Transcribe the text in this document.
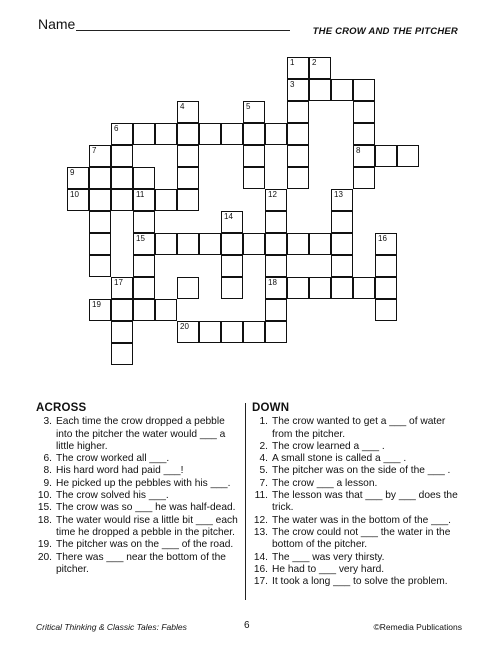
Name	THE CROW AND THE PITCHER
1 2
3
4	5
6
7	8
9
10	11	12	13
14
15	16
17	18
19
20
ACROSS
3. Each time the crow dropped a pebble into the pitcher the water would ___ a little higher.
6. The crow worked all ___.
8. His hard word had paid ___!
9. He picked up the pebbles with his ___.
10. The crow solved his ___.
15. The crow was so ___ he was half-dead.
18. The water would rise a little bit ___ each time he dropped a pebble in the pitcher.
19. The pitcher was on the ___ of the road.
20. There was ___ near the bottom of the pitcher.
DOWN
1. The crow wanted to get a ___ of water from the pitcher.
2. The crow learned a ___ .
4. A small stone is called a ___ .
5. The pitcher was on the side of the ___ .
7. The crow ___ a lesson.
11. The lesson was that ___ by ___ does the trick.
12. The water was in the bottom of the ___.
13. The crow could not ___ the water in the bottom of the pitcher.
14. The ___ was very thirsty.
16. He had to ___ very hard.
17. It took a long ___ to solve the problem.
Critical Thinking & Classic Tales: Fables	6	©Remedia Publications
